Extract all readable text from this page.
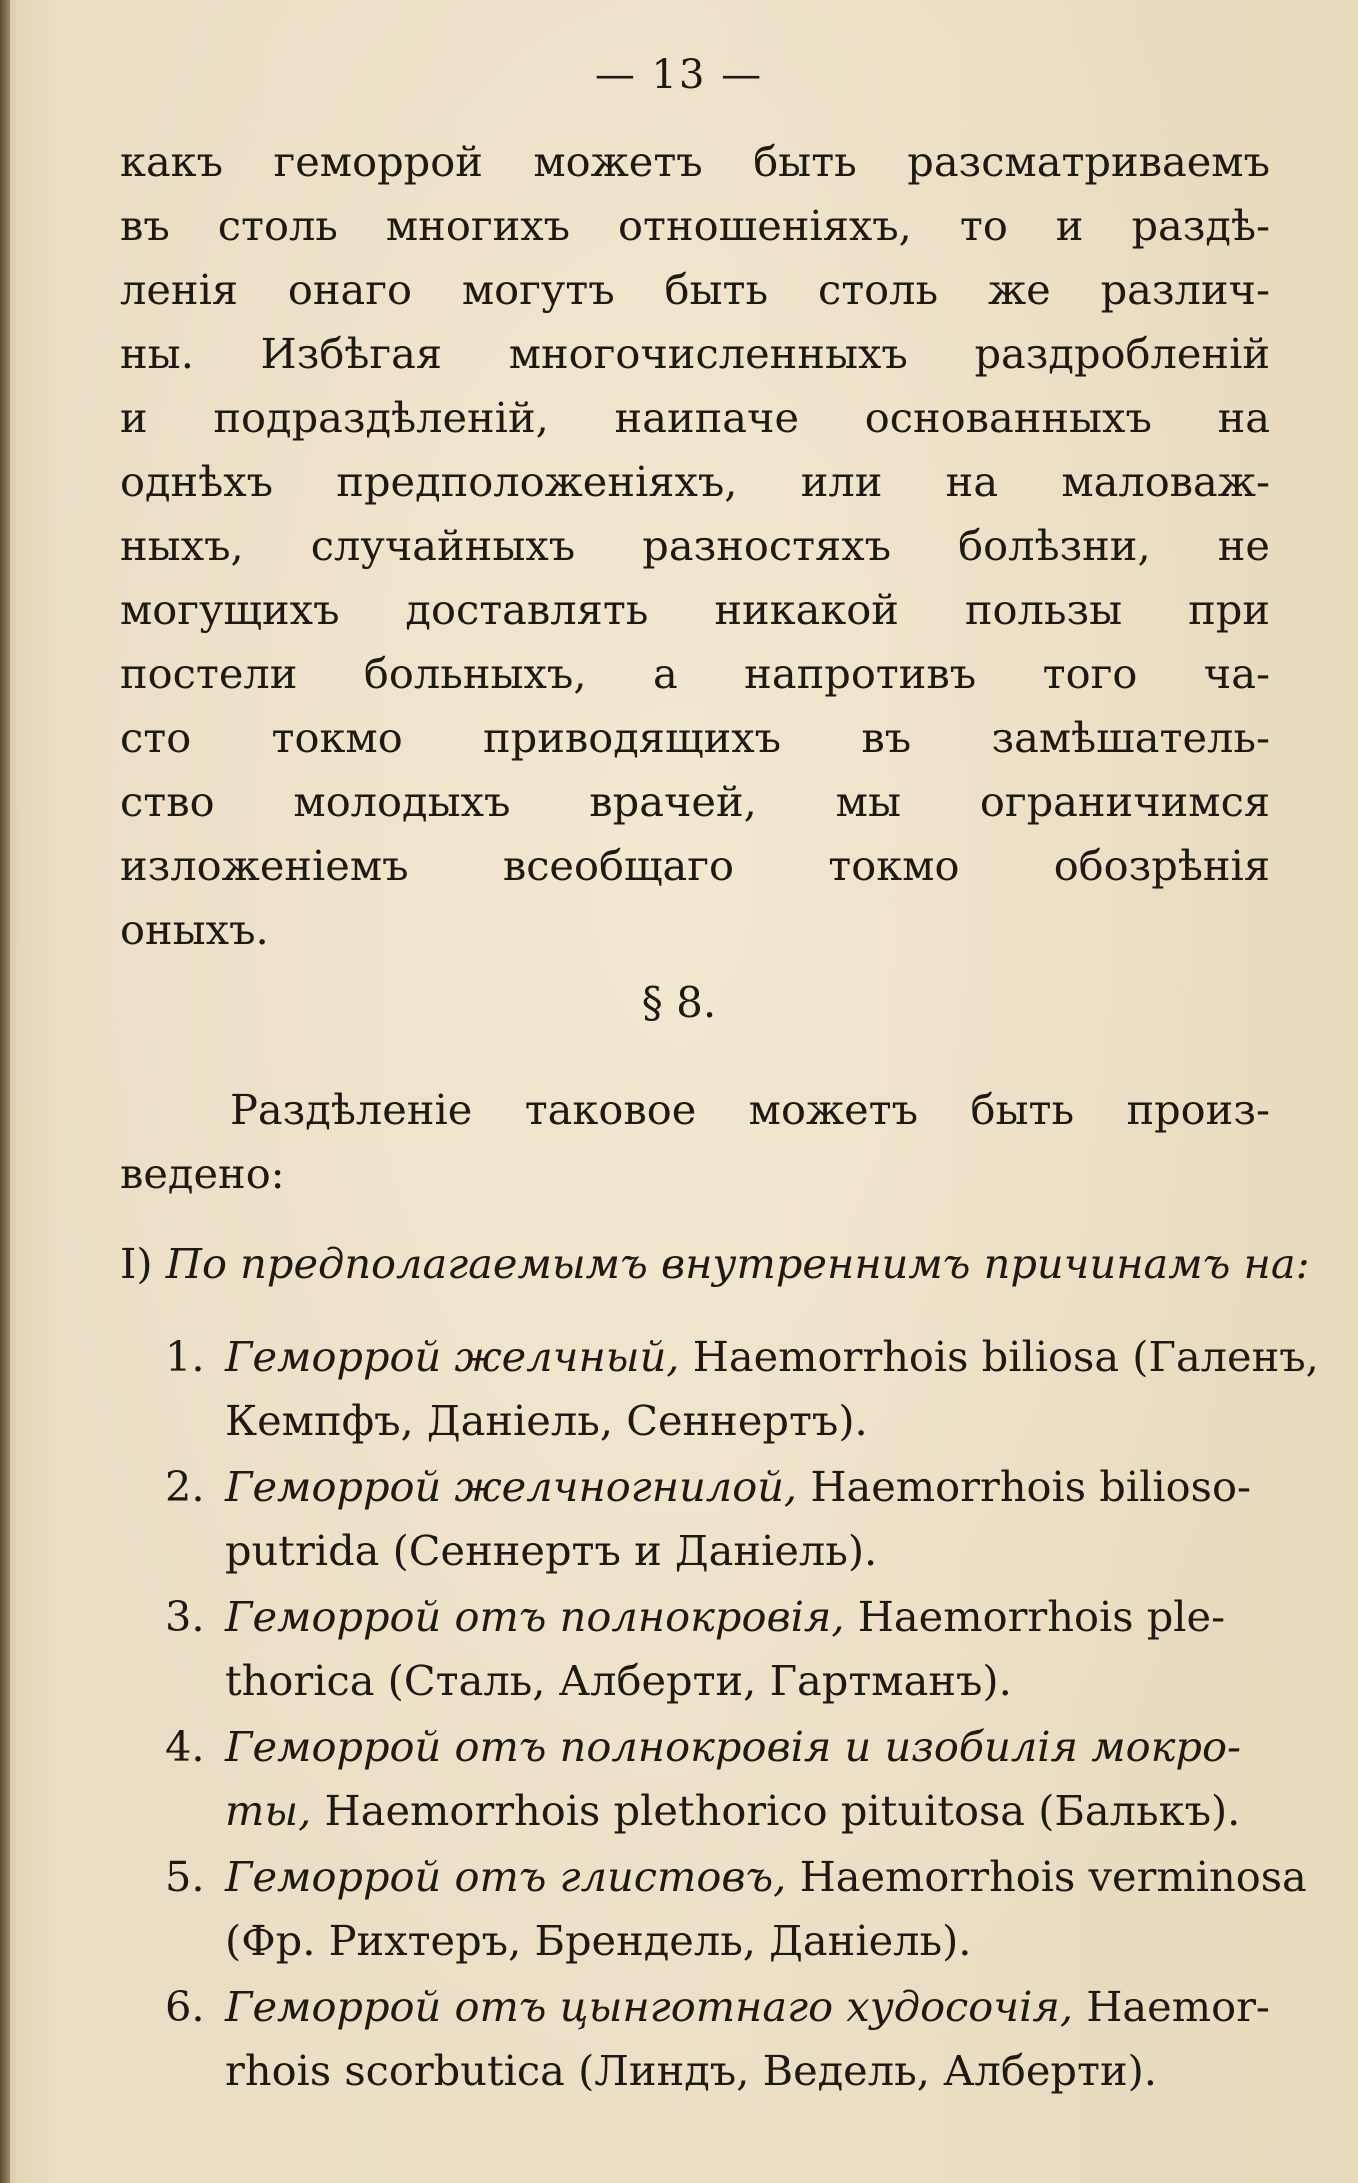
— 13 —
какъ геморрой можетъ быть разсматриваемъ
въ столь многихъ отношеніяхъ, то и раздѣ-
ленія онаго могутъ быть столь же различ-
ны. Избѣгая многочисленныхъ раздробленій
и подраздѣленій, наипаче основанныхъ на
однѣхъ предположеніяхъ, или на маловаж-
ныхъ, случайныхъ разностяхъ болѣзни, не
могущихъ доставлять никакой пользы при
постели больныхъ, а напротивъ того ча-
сто токмо приводящихъ въ замѣшатель-
ство молодыхъ врачей, мы ограничимся
изложеніемъ всеобщаго токмо обозрѣнія
оныхъ.
§ 8.
Раздѣленіе таковое можетъ быть произ-
ведено:
I) По предполагаемымъ внутреннимъ причинамъ на:
1. Геморрой желчный, Haemorrhois biliosa (Галенъ,
Кемпфъ, Даніель, Сеннертъ).
2. Геморрой желчногнилой, Haemorrhois bilioso-
putrida (Сеннертъ и Даніель).
3. Геморрой отъ полнокровія, Haemorrhois ple-
thorica (Сталь, Алберти, Гартманъ).
4. Геморрой отъ полнокровія и изобилія мокро-
ты, Haemorrhois plethorico pituitosa (Балькъ).
5. Геморрой отъ глистовъ, Haemorrhois verminosa
(Фр. Рихтеръ, Брендель, Даніель).
6. Геморрой отъ цынготнаго худосочія, Haemor-
rhois scorbutica (Линдъ, Ведель, Алберти).
